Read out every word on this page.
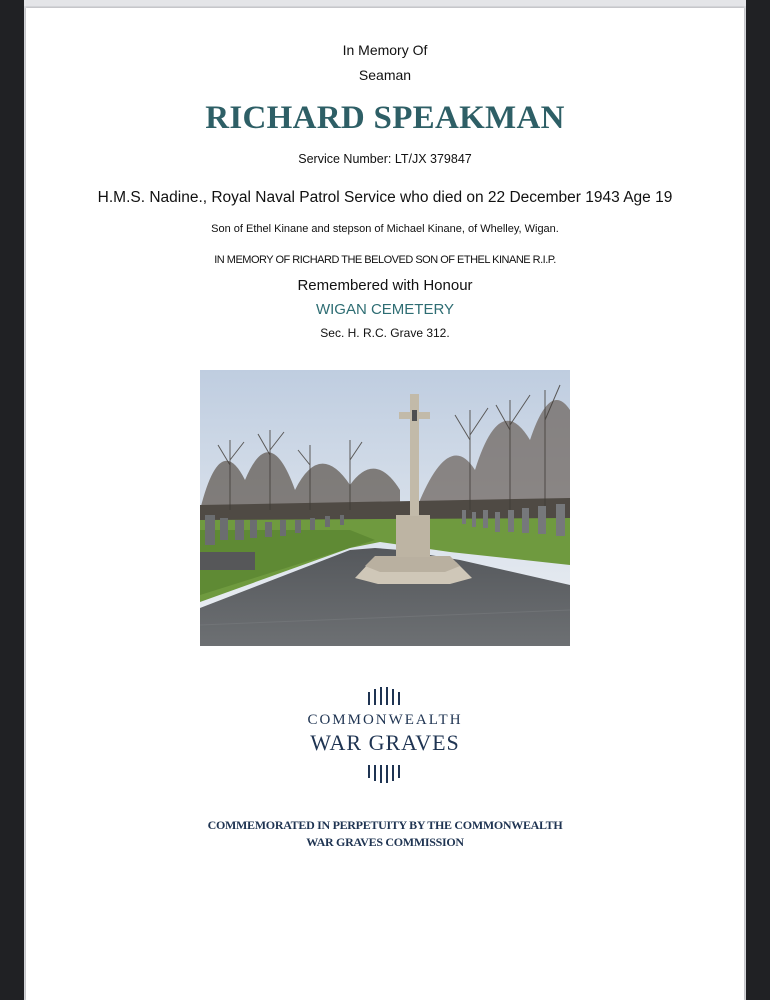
In Memory Of
Seaman
RICHARD SPEAKMAN
Service Number: LT/JX 379847
H.M.S. Nadine., Royal Naval Patrol Service who died on 22 December 1943 Age 19
Son of Ethel Kinane and stepson of Michael Kinane, of Whelley, Wigan.
IN MEMORY OF RICHARD THE BELOVED SON OF ETHEL KINANE R.I.P.
Remembered with Honour
WIGAN CEMETERY
Sec. H. R.C. Grave 312.
COMMONWEALTH
WAR GRAVES
COMMEMORATED IN PERPETUITY BY THE COMMONWEALTH
WAR GRAVES COMMISSION
